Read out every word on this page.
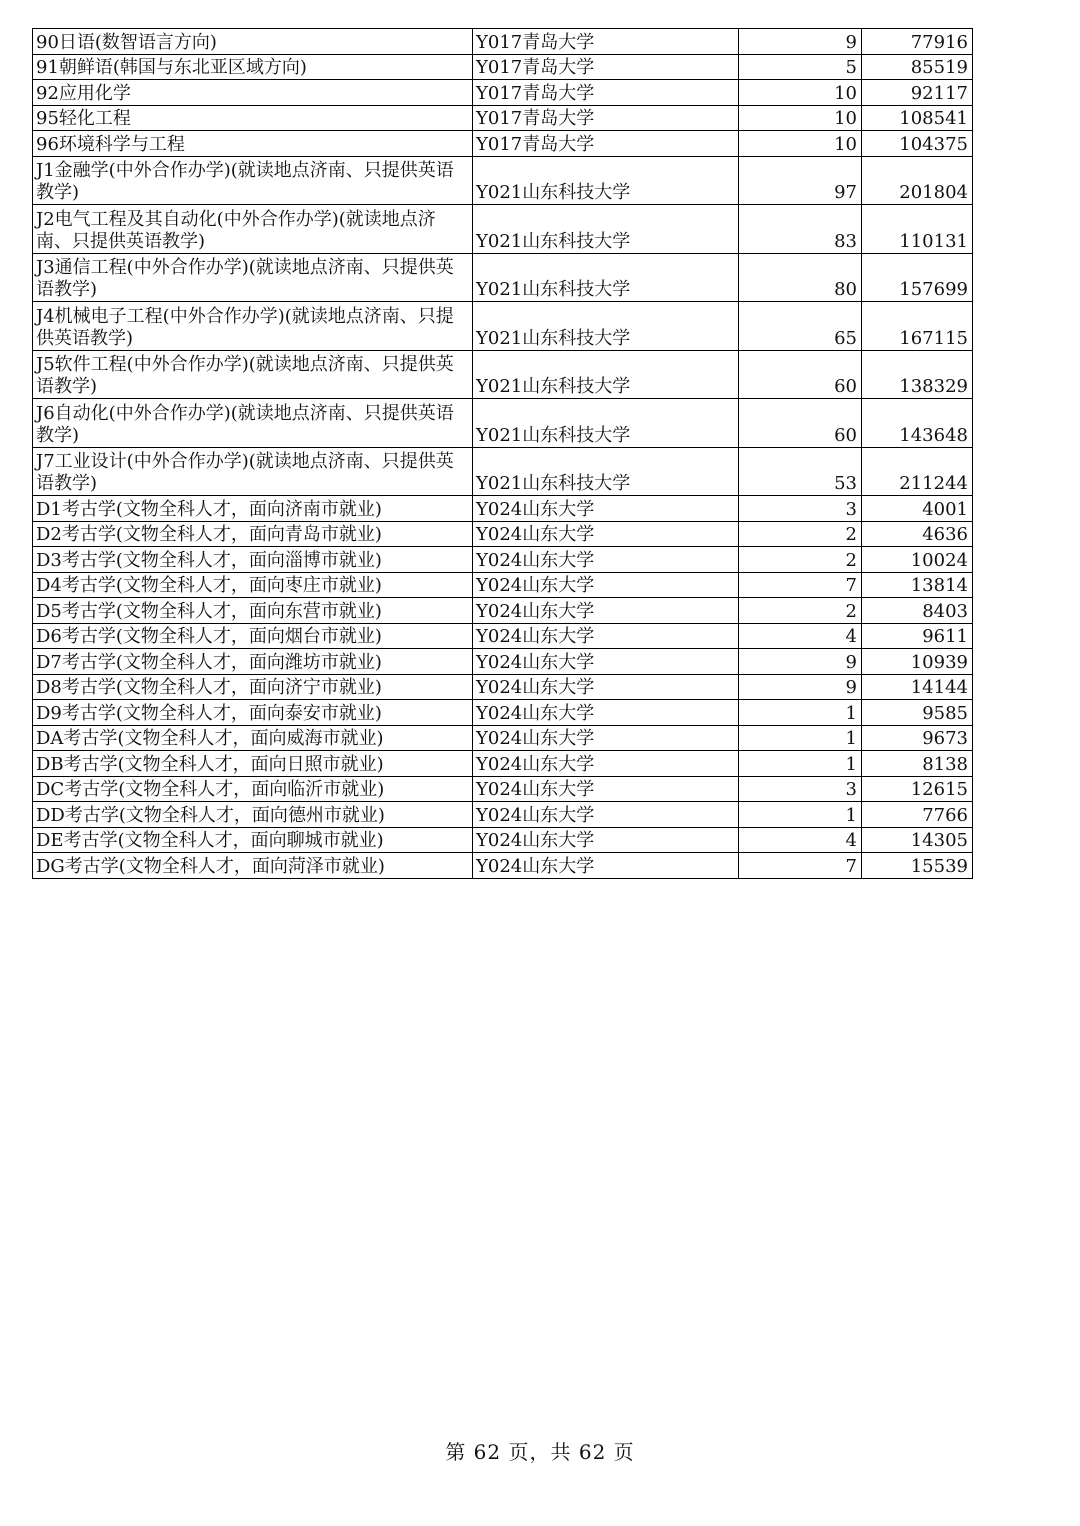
90日语(数智语言方向)	Y017青岛大学	9	77916
91朝鲜语(韩国与东北亚区域方向)	Y017青岛大学	5	85519
92应用化学	Y017青岛大学	10	92117
95轻化工程	Y017青岛大学	10	108541
96环境科学与工程	Y017青岛大学	10	104375
J1金融学(中外合作办学)(就读地点济南、只提供英语教学)	Y021山东科技大学	97	201804
J2电气工程及其自动化(中外合作办学)(就读地点济南、只提供英语教学)	Y021山东科技大学	83	110131
J3通信工程(中外合作办学)(就读地点济南、只提供英语教学)	Y021山东科技大学	80	157699
J4机械电子工程(中外合作办学)(就读地点济南、只提供英语教学)	Y021山东科技大学	65	167115
J5软件工程(中外合作办学)(就读地点济南、只提供英语教学)	Y021山东科技大学	60	138329
J6自动化(中外合作办学)(就读地点济南、只提供英语教学)	Y021山东科技大学	60	143648
J7工业设计(中外合作办学)(就读地点济南、只提供英语教学)	Y021山东科技大学	53	211244
D1考古学(文物全科人才，面向济南市就业)	Y024山东大学	3	4001
D2考古学(文物全科人才，面向青岛市就业)	Y024山东大学	2	4636
D3考古学(文物全科人才，面向淄博市就业)	Y024山东大学	2	10024
D4考古学(文物全科人才，面向枣庄市就业)	Y024山东大学	7	13814
D5考古学(文物全科人才，面向东营市就业)	Y024山东大学	2	8403
D6考古学(文物全科人才，面向烟台市就业)	Y024山东大学	4	9611
D7考古学(文物全科人才，面向潍坊市就业)	Y024山东大学	9	10939
D8考古学(文物全科人才，面向济宁市就业)	Y024山东大学	9	14144
D9考古学(文物全科人才，面向泰安市就业)	Y024山东大学	1	9585
DA考古学(文物全科人才，面向威海市就业)	Y024山东大学	1	9673
DB考古学(文物全科人才，面向日照市就业)	Y024山东大学	1	8138
DC考古学(文物全科人才，面向临沂市就业)	Y024山东大学	3	12615
DD考古学(文物全科人才，面向德州市就业)	Y024山东大学	1	7766
DE考古学(文物全科人才，面向聊城市就业)	Y024山东大学	4	14305
DG考古学(文物全科人才，面向菏泽市就业)	Y024山东大学	7	15539
第 62 页，共 62 页
